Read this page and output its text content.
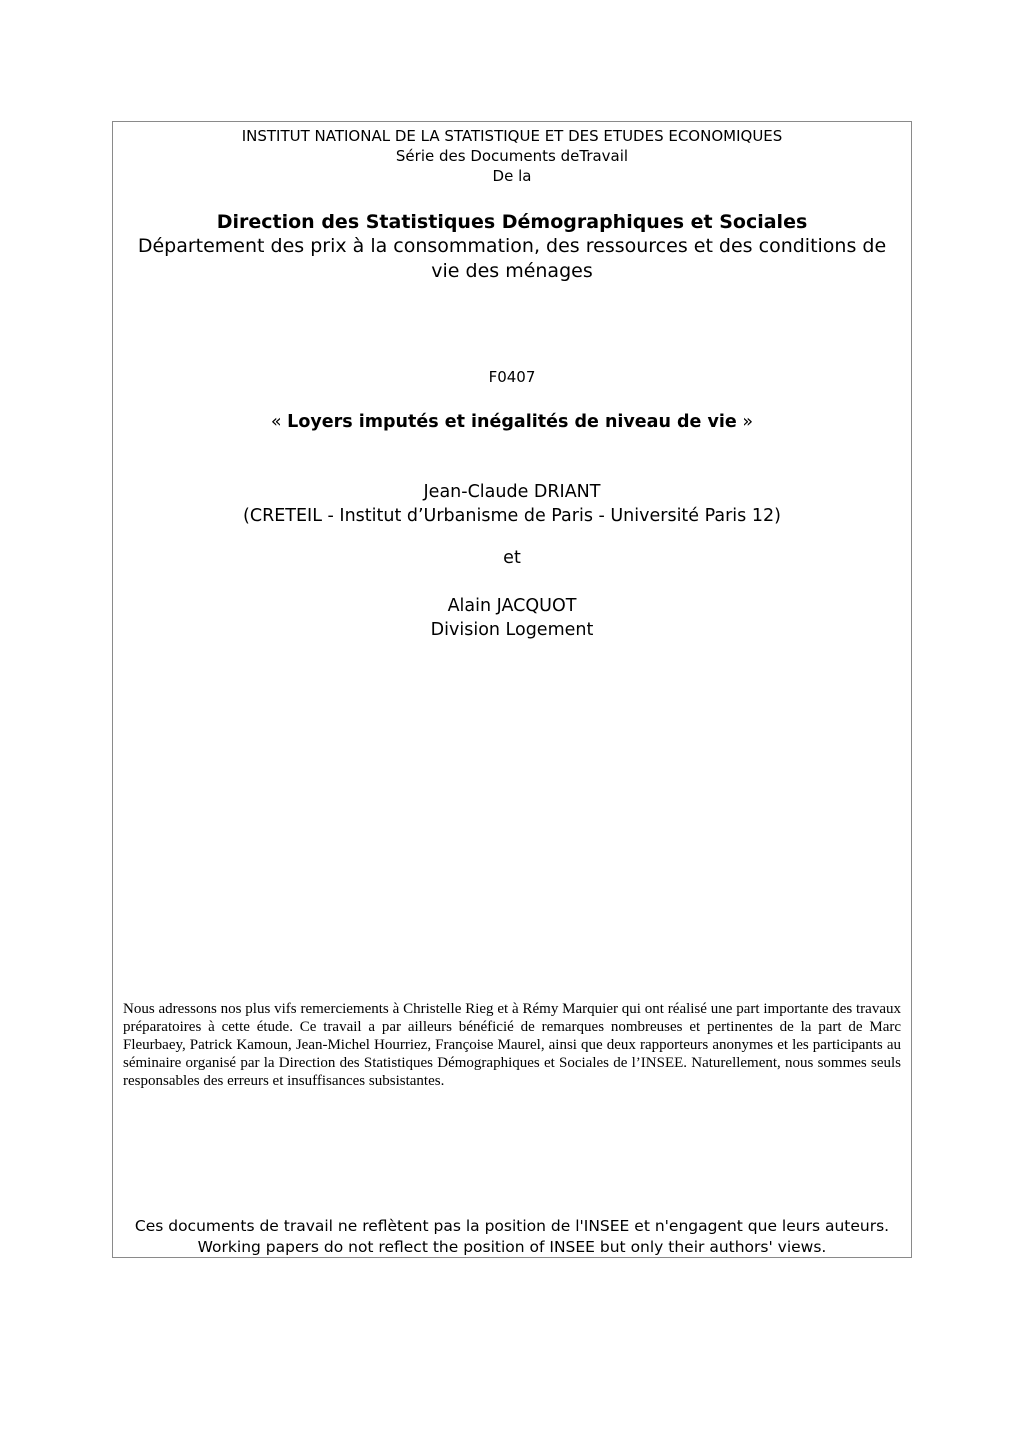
INSTITUT NATIONAL DE LA STATISTIQUE ET DES ETUDES ECONOMIQUES
Série des Documents deTravail
De la
Direction des Statistiques Démographiques et Sociales
Département des prix à la consommation, des ressources et des conditions de vie des ménages
F0407
« Loyers imputés et inégalités de niveau de vie »
Jean-Claude DRIANT
(CRETEIL - Institut d’Urbanisme de Paris - Université Paris 12)
et
Alain JACQUOT
Division Logement
Nous adressons nos plus vifs remerciements à Christelle Rieg et à Rémy Marquier qui ont réalisé une part importante des travaux préparatoires à cette étude. Ce travail a par ailleurs bénéficié de remarques nombreuses et pertinentes de la part de Marc Fleurbaey, Patrick Kamoun, Jean-Michel Hourriez, Françoise Maurel, ainsi que deux rapporteurs anonymes et les participants au séminaire organisé par la Direction des Statistiques Démographiques et Sociales de l’INSEE. Naturellement, nous sommes seuls responsables des erreurs et insuffisances subsistantes.
Ces documents de travail ne reflètent pas la position de l'INSEE et n'engagent que leurs auteurs.
Working papers do not reflect the position of INSEE but only their authors' views.
